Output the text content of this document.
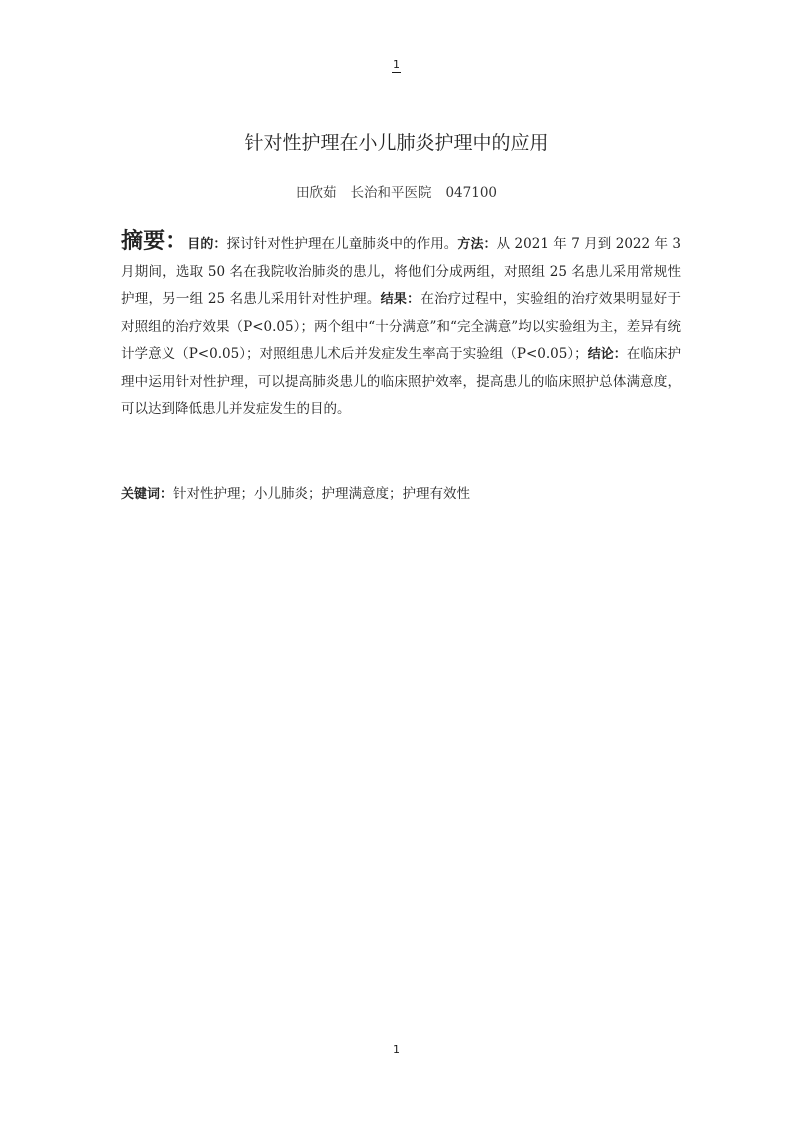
1
针对性护理在小儿肺炎护理中的应用
田欣茹 长治和平医院 047100
摘要：目的：探讨针对性护理在儿童肺炎中的作用。方法：从 2021 年 7 月到 2022 年 3 月期间，选取 50 名在我院收治肺炎的患儿，将他们分成两组，对照组 25 名患儿采用常规性护理，另一组 25 名患儿采用针对性护理。结果：在治疗过程中，实验组的治疗效果明显好于对照组的治疗效果（P<0.05）；两个组中“十分满意”和“完全满意”均以实验组为主，差异有统计学意义（P<0.05）；对照组患儿术后并发症发生率高于实验组（P<0.05）；结论：在临床护理中运用针对性护理，可以提高肺炎患儿的临床照护效率，提高患儿的临床照护总体满意度，可以达到降低患儿并发症发生的目的。
关键词：针对性护理；小儿肺炎；护理满意度；护理有效性
1
